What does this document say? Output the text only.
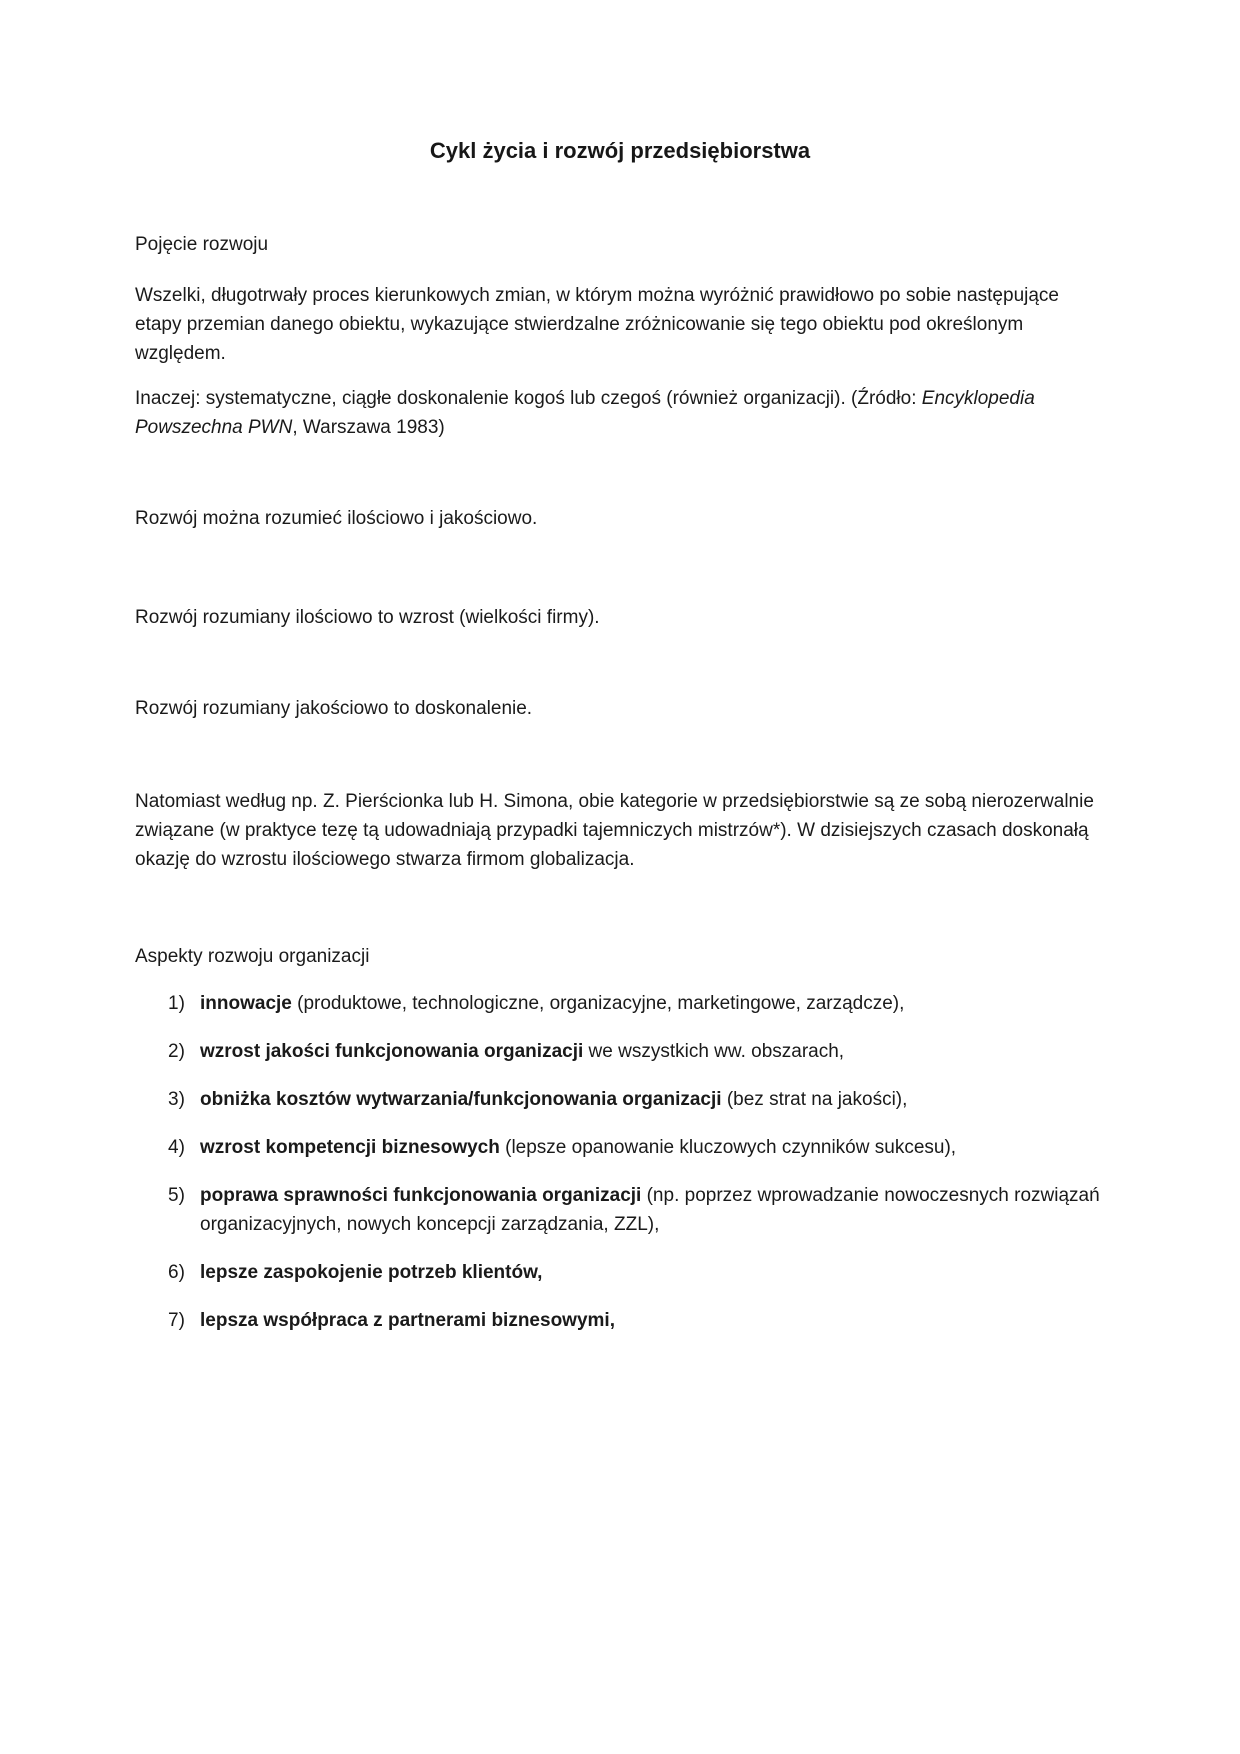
Cykl życia i rozwój przedsiębiorstwa

Pojęcie rozwoju

Wszelki, długotrwały proces kierunkowych zmian, w którym można wyróżnić prawidłowo po sobie następujące etapy przemian danego obiektu, wykazujące stwierdzalne zróżnicowanie się tego obiektu pod określonym względem.

Inaczej: systematyczne, ciągłe doskonalenie kogoś lub czegoś (również organizacji). (Źródło: Encyklopedia Powszechna PWN, Warszawa 1983)

Rozwój można rozumieć ilościowo i jakościowo.

Rozwój rozumiany ilościowo to wzrost (wielkości firmy).

Rozwój rozumiany jakościowo to doskonalenie.

Natomiast według np. Z. Pierścionka lub H. Simona, obie kategorie w przedsiębiorstwie są ze sobą nierozerwalnie związane (w praktyce tezę tą udowadniają przypadki tajemniczych mistrzów*). W dzisiejszych czasach doskonałą okazję do wzrostu ilościowego stwarza firmom globalizacja.

Aspekty rozwoju organizacji

1) innowacje (produktowe, technologiczne, organizacyjne, marketingowe, zarządcze),
2) wzrost jakości funkcjonowania organizacji we wszystkich ww. obszarach,
3) obniżka kosztów wytwarzania/funkcjonowania organizacji (bez strat na jakości),
4) wzrost kompetencji biznesowych (lepsze opanowanie kluczowych czynników sukcesu),
5) poprawa sprawności funkcjonowania organizacji (np. poprzez wprowadzanie nowoczesnych rozwiązań organizacyjnych, nowych koncepcji zarządzania, ZZL),
6) lepsze zaspokojenie potrzeb klientów,
7) lepsza współpraca z partnerami biznesowymi,
